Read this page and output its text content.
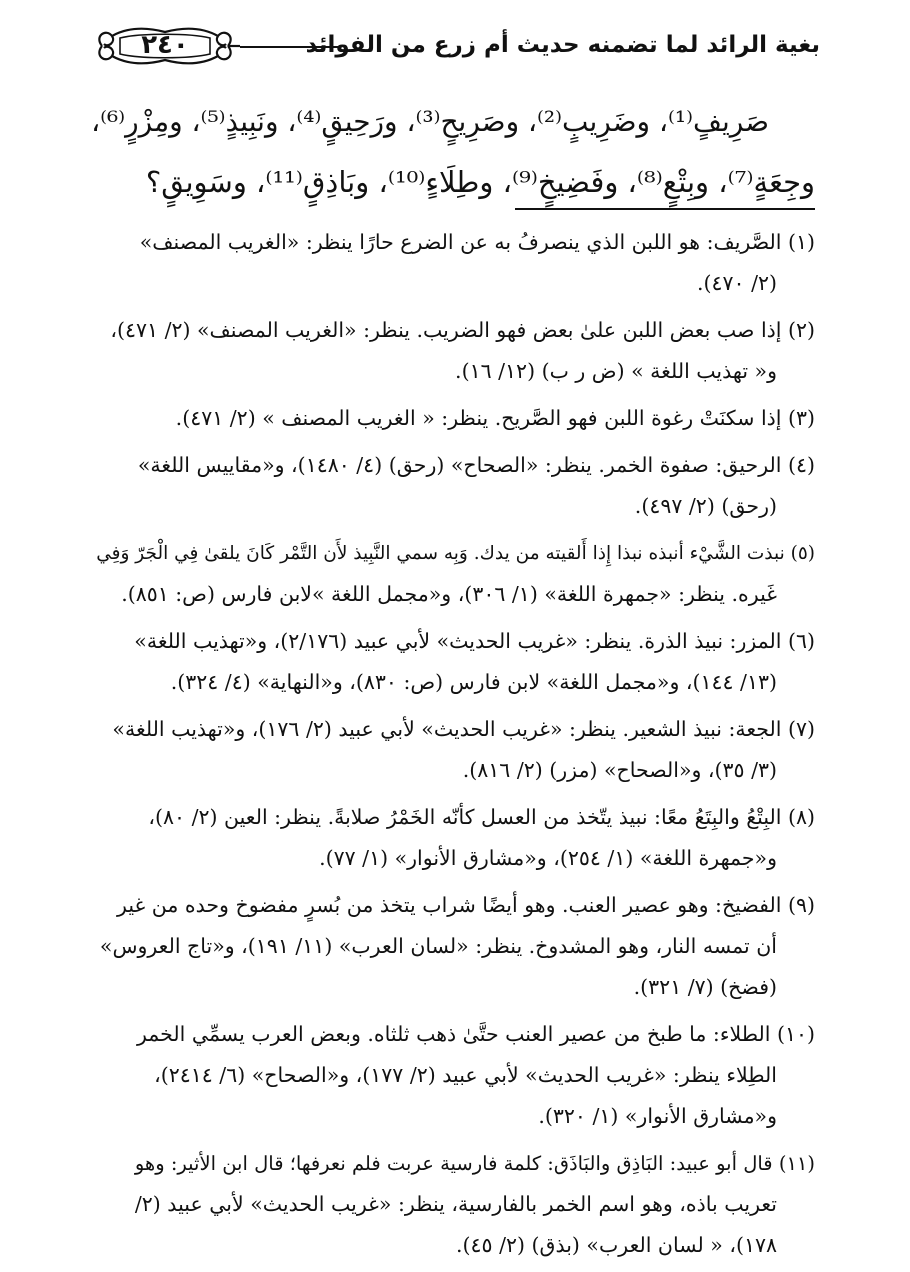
٢٤٠	بغية الرائد لما تضمنه حديث أم زرع من الفوائد
صَرِيفٍ⁽¹⁾، وضَرِيبٍ⁽²⁾، وصَرِيحٍ⁽³⁾، ورَحِيقٍ⁽⁴⁾، ونَبِيذٍ⁽⁵⁾، ومِزْرٍ⁽⁶⁾،
وجِعَةٍ⁽⁷⁾، وبِتْعٍ⁽⁸⁾، وفَضِيخٍ⁽⁹⁾، وطِلَاءٍ⁽¹⁰⁾، وبَاذِقٍ⁽¹¹⁾، وسَوِيقٍ؟
(١) الصَّريف: هو اللبن الذي ينصرفُ به عن الضرع حارًا ينظر: «الغريب المصنف»
(٢/ ٤٧٠).
(٢) إذا صب بعض اللبن علىٰ بعض فهو الضريب. ينظر: «الغريب المصنف» (٢/ ٤٧١)،
و« تهذيب اللغة » (ض ر ب) (١٢/ ١٦).
(٣) إذا سكنَتْ رغوة اللبن فهو الصَّريح. ينظر: « الغريب المصنف » (٢/ ٤٧١).
(٤) الرحيق: صفوة الخمر. ينظر: «الصحاح» (رحق) (٤/ ١٤٨٠)، و«مقاييس اللغة»
(رحق) (٢/ ٤٩٧).
(٥) نبذت الشَّيْء أنبذه نبذا إِذا أَلقيته من يدك. وَبِه سمي النَّبِيذ لأَن التَّمْر كَانَ يلقىٰ فِي الْجَرّ وَفِي
غَيره. ينظر: «جمهرة اللغة» (١/ ٣٠٦)، و«مجمل اللغة »لابن فارس (ص: ٨٥١).
(٦) المزر: نبيذ الذرة. ينظر: «غريب الحديث» لأبي عبيد (٢/١٧٦)، و«تهذيب اللغة»
(١٣/ ١٤٤)، و«مجمل اللغة» لابن فارس (ص: ٨٣٠)، و«النهاية» (٤/ ٣٢٤).
(٧) الجعة: نبيذ الشعير. ينظر: «غريب الحديث» لأبي عبيد (٢/ ١٧٦)، و«تهذيب اللغة»
(٣/ ٣٥)، و«الصحاح» (مزر) (٢/ ٨١٦).
(٨) البِتْعُ والبِتَعُ معًا: نبيذ يتّخذ من العسل كأنّه الخَمْرُ صلابةً. ينظر: العين (٢/ ٨٠)،
و«جمهرة اللغة» (١/ ٢٥٤)، و«مشارق الأنوار» (١/ ٧٧).
(٩) الفضيخ: وهو عصير العنب. وهو أيضًا شراب يتخذ من بُسرٍ مفضوخ وحده من غير
أن تمسه النار، وهو المشدوخ. ينظر: «لسان العرب» (١١/ ١٩١)، و«تاج العروس»
(فضخ) (٧/ ٣٢١).
(١٠) الطلاء: ما طبخ من عصير العنب حتَّىٰ ذهب ثلثاه. وبعض العرب يسمِّي الخمر
الطِلاء ينظر: «غريب الحديث» لأبي عبيد (٢/ ١٧٧)، و«الصحاح» (٦/ ٢٤١٤)،
و«مشارق الأنوار» (١/ ٣٢٠).
(١١) قال أبو عبيد: البَاذِق والبَاذَق: كلمة فارسية عربت فلم نعرفها؛ قال ابن الأثير: وهو
تعريب باذه، وهو اسم الخمر بالفارسية، ينظر: «غريب الحديث» لأبي عبيد (٢/
١٧٨)، « لسان العرب» (بذق) (٢/ ٤٥).
